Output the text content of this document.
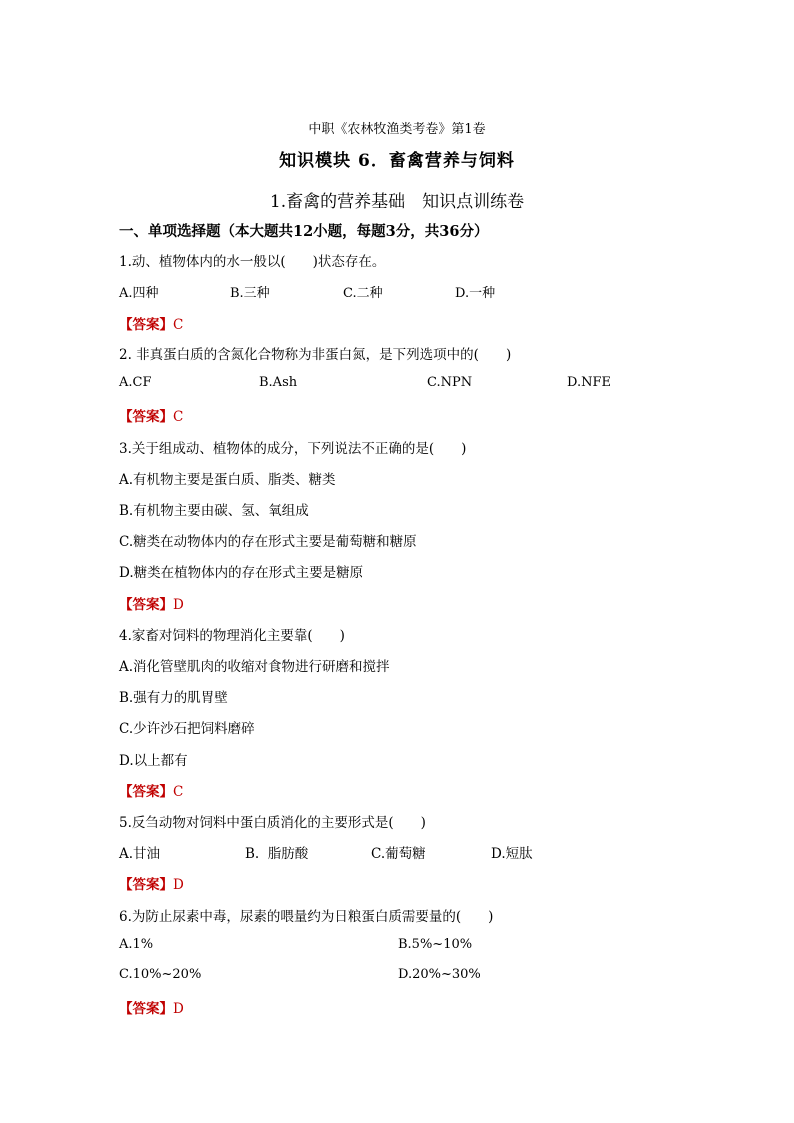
中职《农林牧渔类考卷》第1卷
知识模块 6．畜禽营养与饲料
1.畜禽的营养基础　知识点训练卷
一、单项选择题（本大题共12小题，每题3分，共36分）
1.动、植物体内的水一般以(　　)状态存在。
A.四种	B.三种	C.二种	D.一种
【答案】C
2. 非真蛋白质的含氮化合物称为非蛋白氮，是下列选项中的(　　)
A.CF	B.Ash	C.NPN	D.NFE
【答案】C
3.关于组成动、植物体的成分，下列说法不正确的是(　　)
A.有机物主要是蛋白质、脂类、糖类
B.有机物主要由碳、氢、氧组成
C.糖类在动物体内的存在形式主要是葡萄糖和糖原
D.糖类在植物体内的存在形式主要是糖原
【答案】D
4.家畜对饲料的物理消化主要靠(　　)
A.消化管壁肌肉的收缩对食物进行研磨和搅拌
B.强有力的肌胃壁
C.少许沙石把饲料磨碎
D.以上都有
【答案】C
5.反刍动物对饲料中蛋白质消化的主要形式是(　　)
A.甘油	B.  脂肪酸	C.葡萄糖	D.短肽
【答案】D
6.为防止尿素中毒，尿素的喂量约为日粮蛋白质需要量的(　　)
A.1%	B.5%~10%
C.10%~20%	D.20%~30%
【答案】D
